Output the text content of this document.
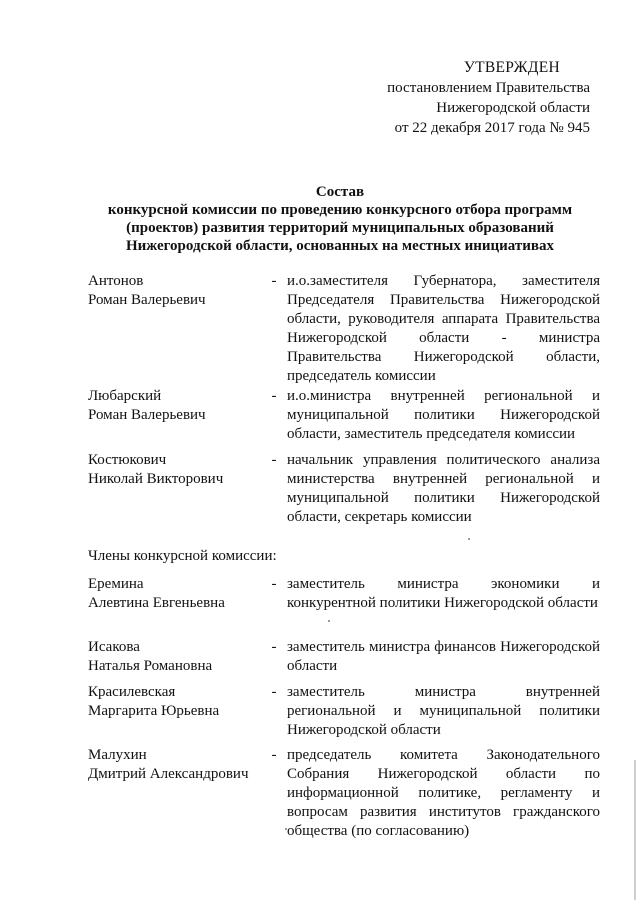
УТВЕРЖДЕН
постановлением Правительства
Нижегородской области
от 22 декабря 2017 года № 945
Состав
конкурсной комиссии по проведению конкурсного отбора программ
(проектов) развития территорий муниципальных образований
Нижегородской области, основанных на местных инициативах
Антонов
Роман Валерьевич
- и.о.заместителя Губернатора, заместителя Председателя Правительства Нижегородской области, руководителя аппарата Правительства Нижегородской области - министра Правительства Нижегородской области, председатель комиссии
Любарский
Роман Валерьевич
- и.о.министра внутренней региональной и муниципальной политики Нижегородской области, заместитель председателя комиссии
Костюкович
Николай Викторович
- начальник управления политического анализа министерства внутренней региональной и муниципальной политики Нижегородской области, секретарь комиссии
Члены конкурсной комиссии:
Еремина
Алевтина Евгеньевна
- заместитель министра экономики и конкурентной политики Нижегородской области
Исакова
Наталья Романовна
- заместитель министра финансов Нижегородской области
Красилевская
Маргарита Юрьевна
- заместитель министра внутренней региональной и муниципальной политики Нижегородской области
Малухин
Дмитрий Александрович
- председатель комитета Законодательного Собрания Нижегородской области по информационной политике, регламенту и вопросам развития институтов гражданского общества (по согласованию)
